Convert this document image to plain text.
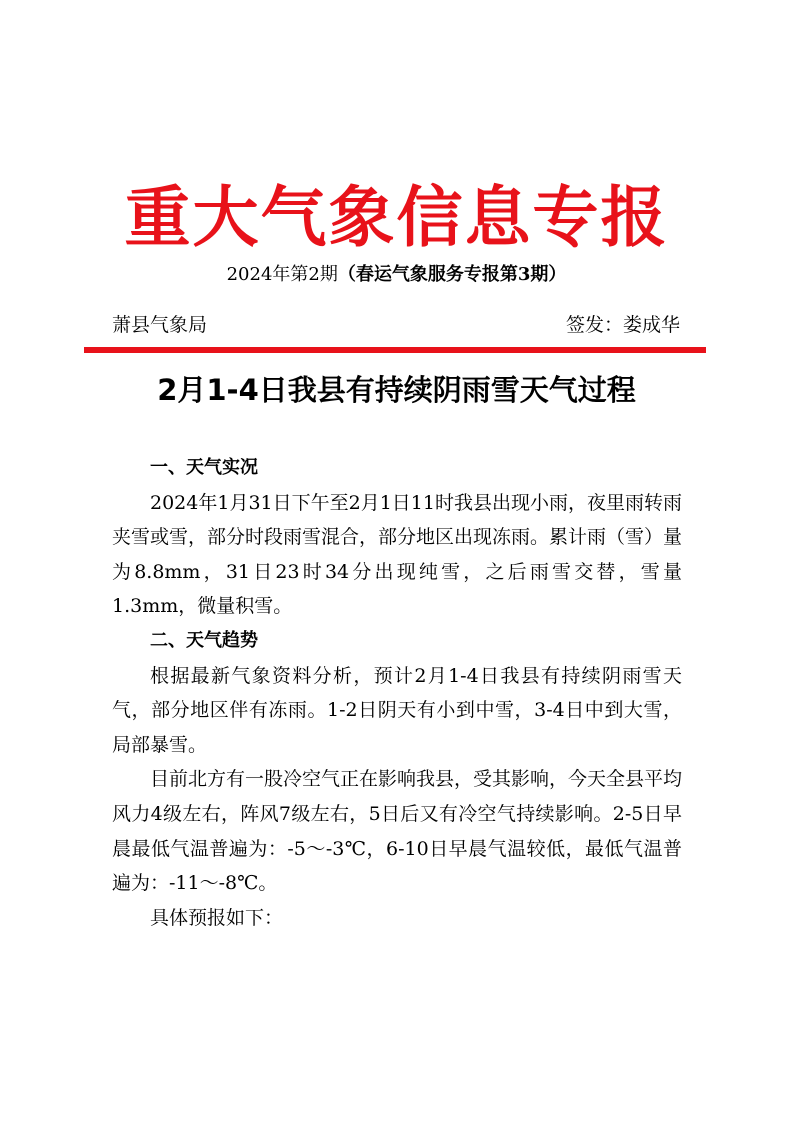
重大气象信息专报
2024年第2期（春运气象服务专报第3期）
萧县气象局	签发：娄成华
2月1-4日我县有持续阴雨雪天气过程

一、天气实况

2024年1月31日下午至2月1日11时我县出现小雨，夜里雨转雨夹雪或雪，部分时段雨雪混合，部分地区出现冻雨。累计雨（雪）量为8.8mm，31日23时34分出现纯雪，之后雨雪交替，雪量1.3mm，微量积雪。

二、天气趋势

根据最新气象资料分析，预计2月1-4日我县有持续阴雨雪天气，部分地区伴有冻雨。1-2日阴天有小到中雪，3-4日中到大雪，局部暴雪。

目前北方有一股冷空气正在影响我县，受其影响，今天全县平均风力4级左右，阵风7级左右，5日后又有冷空气持续影响。2-5日早晨最低气温普遍为：-5～-3℃，6-10日早晨气温较低，最低气温普遍为：-11～-8℃。

具体预报如下：
